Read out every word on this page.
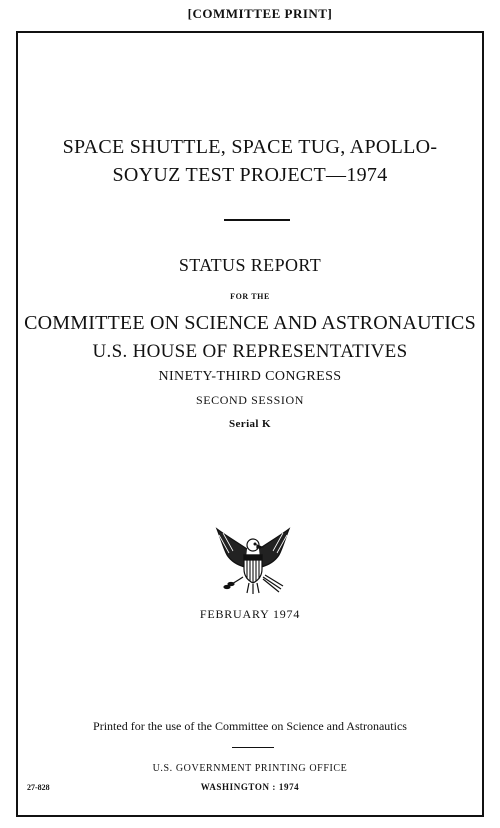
[COMMITTEE PRINT]
SPACE SHUTTLE, SPACE TUG, APOLLO-
SOYUZ TEST PROJECT—1974
STATUS REPORT
FOR THE
COMMITTEE ON SCIENCE AND ASTRONAUTICS
U.S. HOUSE OF REPRESENTATIVES
NINETY-THIRD CONGRESS
SECOND SESSION
Serial K
FEBRUARY 1974
Printed for the use of the Committee on Science and Astronautics
U.S. GOVERNMENT PRINTING OFFICE
WASHINGTON : 1974
27-828
